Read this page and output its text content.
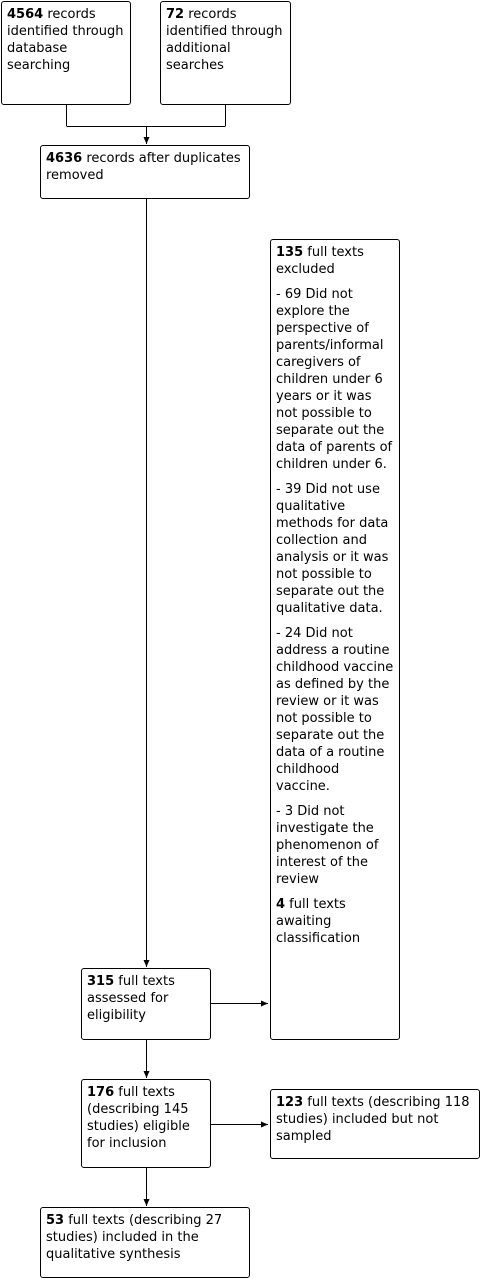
4564 records identified through database searching
72 records identified through additional searches
4636 records after duplicates removed

135 full texts excluded

- 69 Did not explore the perspective of parents/informal caregivers of children under 6 years or it was not possible to separate out the data of parents of children under 6.

- 39 Did not use qualitative methods for data collection and analysis or it was not possible to separate out the qualitative data.

- 24 Did not address a routine childhood vaccine as defined by the review or it was not possible to separate out the data of a routine childhood vaccine.

- 3 Did not investigate the phenomenon of interest of the review

4 full texts awaiting classification

315 full texts assessed for eligibility
176 full texts (describing 145 studies) eligible for inclusion
123 full texts (describing 118 studies) included but not sampled
53 full texts (describing 27 studies) included in the qualitative synthesis
